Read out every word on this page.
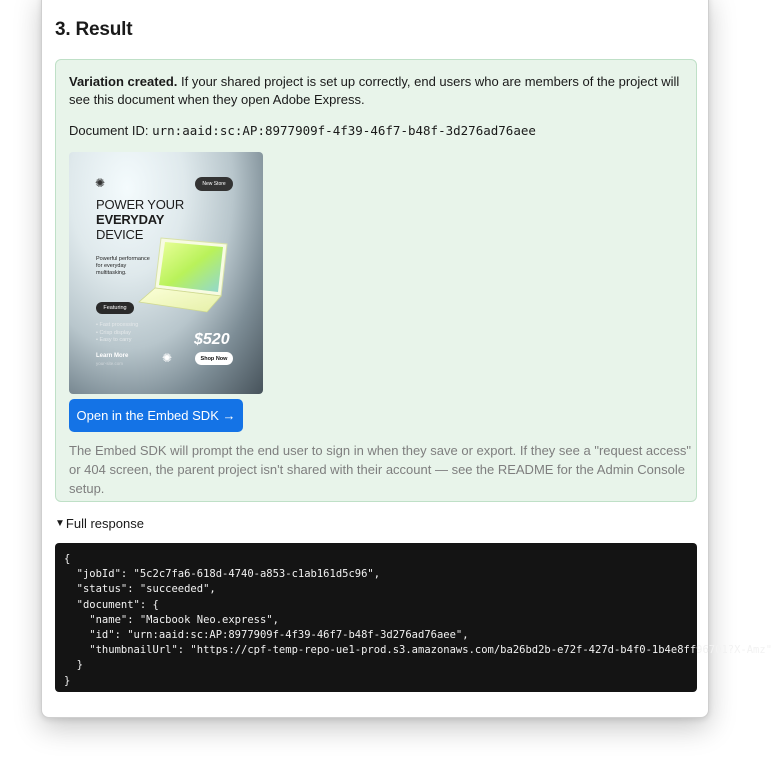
3. Result
Variation created. If your shared project is set up correctly, end users who are members of the project will see this document when they open Adobe Express.
Document ID: urn:aaid:sc:AP:8977909f-4f39-46f7-b48f-3d276ad76aee
✺	New Store
POWER YOUR
EVERYDAY
DEVICE
Powerful performance for everyday multitasking.
Featuring
• Fast processing
• Crisp display
• Easy to carry
Learn More
your-site.com	✺
$520
Shop Now
Open in the Embed SDK →
The Embed SDK will prompt the end user to sign in when they save or export. If they see a "request access" or 404 screen, the parent project isn't shared with their account — see the README for the Admin Console setup.
▼ Full response
{
"jobId": "5c2c7fa6-618d-4740-a853-c1ab161d5c96",
"status": "succeeded",
"document": {
"name": "Macbook Neo.express",
"id": "urn:aaid:sc:AP:8977909f-4f39-46f7-b48f-3d276ad76aee",
"thumbnailUrl": "https://cpf-temp-repo-ue1-prod.s3.amazonaws.com/ba26bd2b-e72f-427d-b4f0-1b4e8ff96701?X-Amz"
}
}
